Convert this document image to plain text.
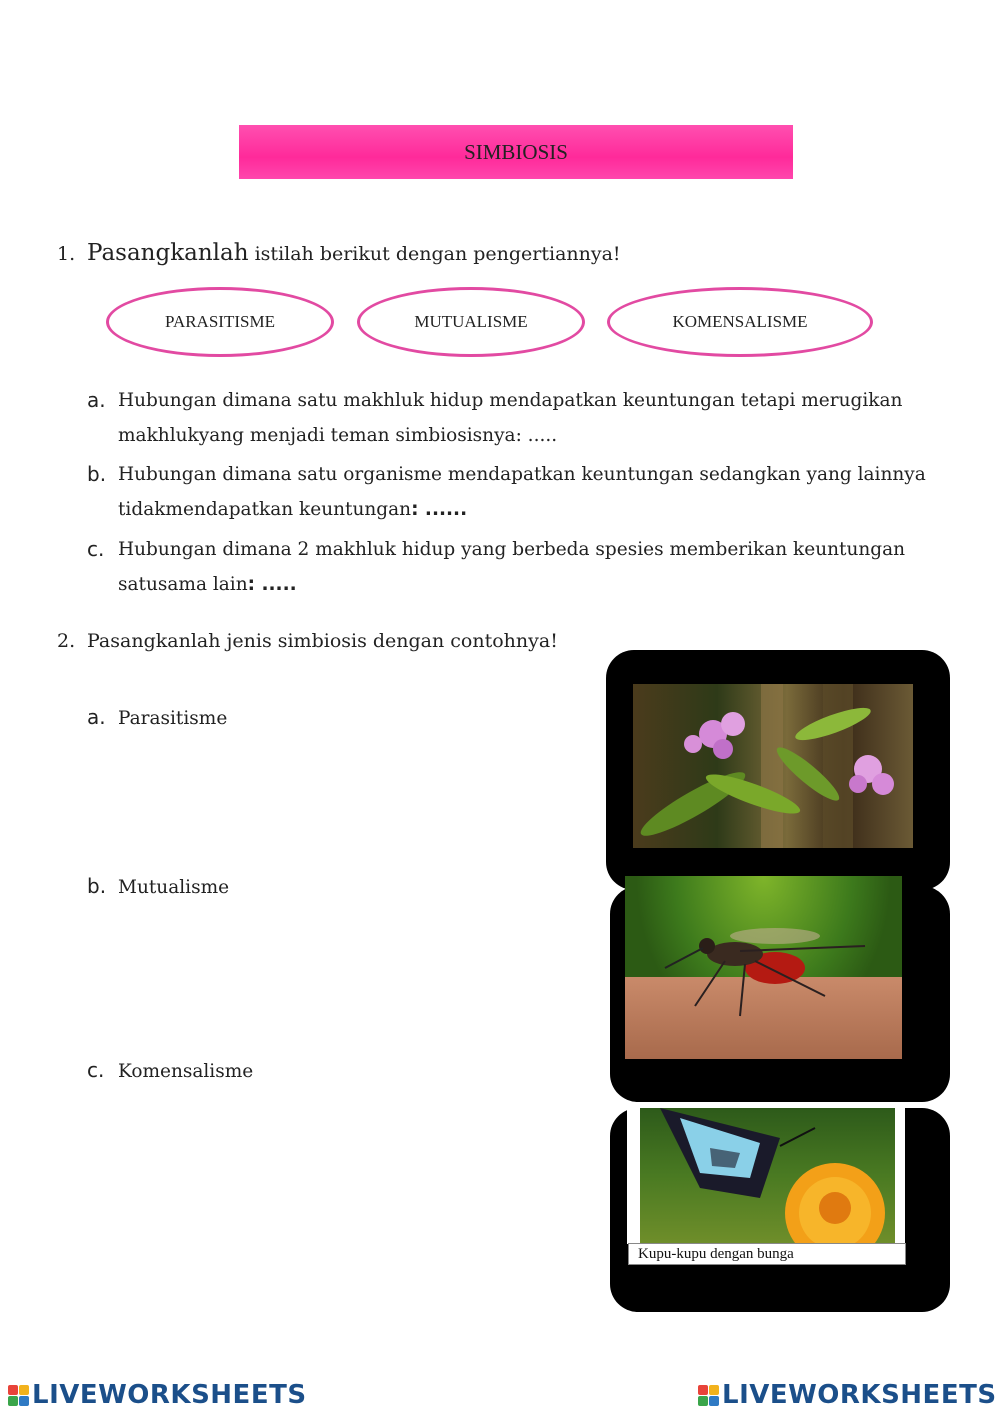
SIMBIOSIS
1. Pasangkanlah istilah berikut dengan pengertiannya!
PARASITISME	MUTUALISME	KOMENSALISME
a. Hubungan dimana satu makhluk hidup mendapatkan keuntungan tetapi merugikan makhlukyang menjadi teman simbiosisnya: .....
b. Hubungan dimana satu organisme mendapatkan keuntungan sedangkan yang lainnya tidakmendapatkan keuntungan: ......
c. Hubungan dimana 2 makhluk hidup yang berbeda spesies memberikan keuntungan satusama lain: .....
2. Pasangkanlah jenis simbiosis dengan contohnya!
a. Parasitisme
b. Mutualisme
c. Komensalisme
Kupu-kupu dengan bunga
LIVEWORKSHEETS	LIVEWORKSHEETS
